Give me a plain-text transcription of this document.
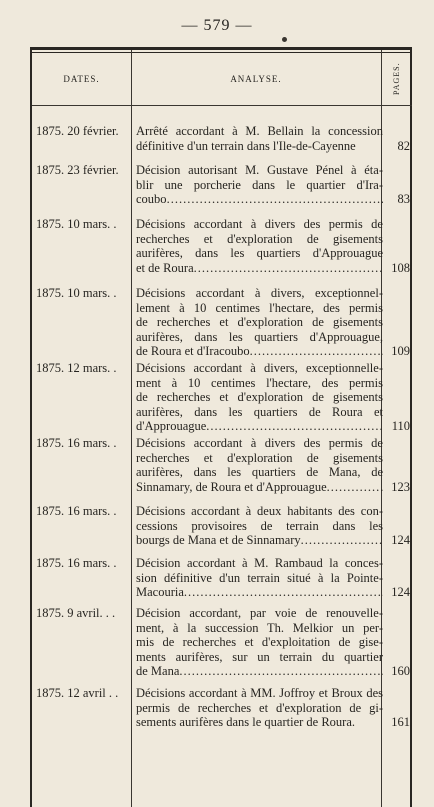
— 579 —
DATES.	ANALYSE.	PAGES.
1875. 20 février.	Arrêté accordant à M. Bellain la concession
définitive d'un terrain dans l'Ile-de-Cayenne	82
1875. 23 février.	Décision autorisant M. Gustave Pénel à éta-
blir une porcherie dans le quartier d'Ira-
coubo .....	83
1875. 10 mars. .	Décisions accordant à divers des permis de
recherches et d'exploration de gisements
aurifères, dans les quartiers d'Approuague
et de Roura .....	108
1875. 10 mars. .	Décisions accordant à divers, exceptionnel-
lement à 10 centimes l'hectare, des permis
de recherches et d'exploration de gisements
aurifères, dans les quartiers d'Approuague,
de Roura et d'Iracoubo .....	109
1875. 12 mars. .	Décisions accordant à divers, exceptionnelle-
ment à 10 centimes l'hectare, des permis
de recherches et d'exploration de gisements
aurifères, dans les quartiers de Roura et
d'Approuague .....	110
1875. 16 mars. .	Décisions accordant à divers des permis de
recherches et d'exploration de gisements
aurifères, dans les quartiers de Mana, de
Sinnamary, de Roura et d'Approuague .....	123
1875. 16 mars. .	Décisions accordant à deux habitants des con-
cessions provisoires de terrain dans les
bourgs de Mana et de Sinnamary .....	124
1875. 16 mars. .	Décision accordant à M. Rambaud la conces-
sion définitive d'un terrain situé à la Pointe-
Macouria .....	124
1875. 9 avril. . .	Décision accordant, par voie de renouvelle-
ment, à la succession Th. Melkior un per-
mis de recherches et d'exploitation de gise-
ments aurifères, sur un terrain du quartier
de Mana .....	160
1875. 12 avril . .	Décisions accordant à MM. Joffroy et Broux des
permis de recherches et d'exploration de gi-
sements aurifères dans le quartier de Roura.	161
